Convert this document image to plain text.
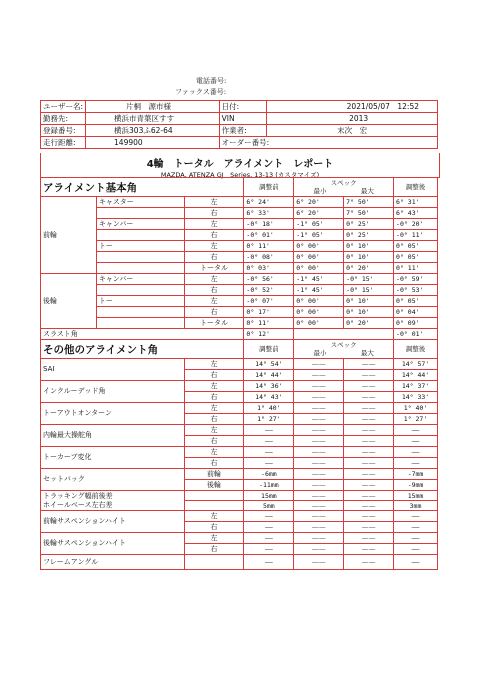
電話番号:
ファックス番号:
ユーザー名:	片桐　源市様	日付:	2021/05/07　12:52
勤務先:	横浜市青葉区すす	VIN	2013
登録番号:	横浜303ふ62-64	作業者:	末次　宏
走行距離:	149900	オーダー番号:	
4輪　トータル　アライメント　レポート
MAZDA, ATENZA GJ　Series, 13-13 (カスタマイズ)
アライメント基本角			調整前	スペック
最小 最大		調整後
前輪	キャスター	左	6° 24'	6° 20'	7° 50'	6° 31'
		右	6° 33'	6° 20'	7° 50'	6° 43'
	キャンバー	左	-0° 18'	-1° 05'	0° 25'	-0° 20'
		右	-0° 01'	-1° 05'	0° 25'	-0° 11'
	トー	左	0° 11'	0° 00'	0° 10'	0° 05'
		右	-0° 08'	0° 00'	0° 10'	0° 05'
		トータル	0° 03'	0° 00'	0° 20'	0° 11'
後輪	キャンバー	左	-0° 56'	-1° 45'	-0° 15'	-0° 59'
		右	-0° 52'	-1° 45'	-0° 15'	-0° 53'
	トー	左	-0° 07'	0° 00'	0° 10'	0° 05'
		右	0° 17'	0° 00'	0° 10'	0° 04'
		トータル	0° 11'	0° 00'	0° 20'	0° 09'
スラスト角			0° 12'			-0° 01'
その他のアライメント角			調整前	スペック
最小 最大		調整後
SAI		左	14° 54'	——	——	14° 57'
		右	14° 44'	——	——	14° 44'
インクルーデッド角		左	14° 36'	——	——	14° 37'
		右	14° 43'	——	——	14° 33'
トーアウトオンターン		左	1° 40'	——	——	1° 40'
		右	1° 27'	——	——	1° 27'
内輪最大操舵角		左	——	——	——	——
		右	——	——	——	——
トーカーブ変化		左	——	——	——	——
		右	——	——	——	——
セットバック		前輪	-6mm	——	——	-7mm
		後輪	-11mm	——	——	-9mm
トラッキング幅前後差
ホイールベース左右差			15mm	——	——	15mm
			5mm	——	——	3mm
前輪サスペンションハイト		左	——	——	——	——
		右	——	——	——	——
後輪サスペンションハイト		左	——	——	——	——
		右	——	——	——	——
フレームアングル			——	——	——	——
